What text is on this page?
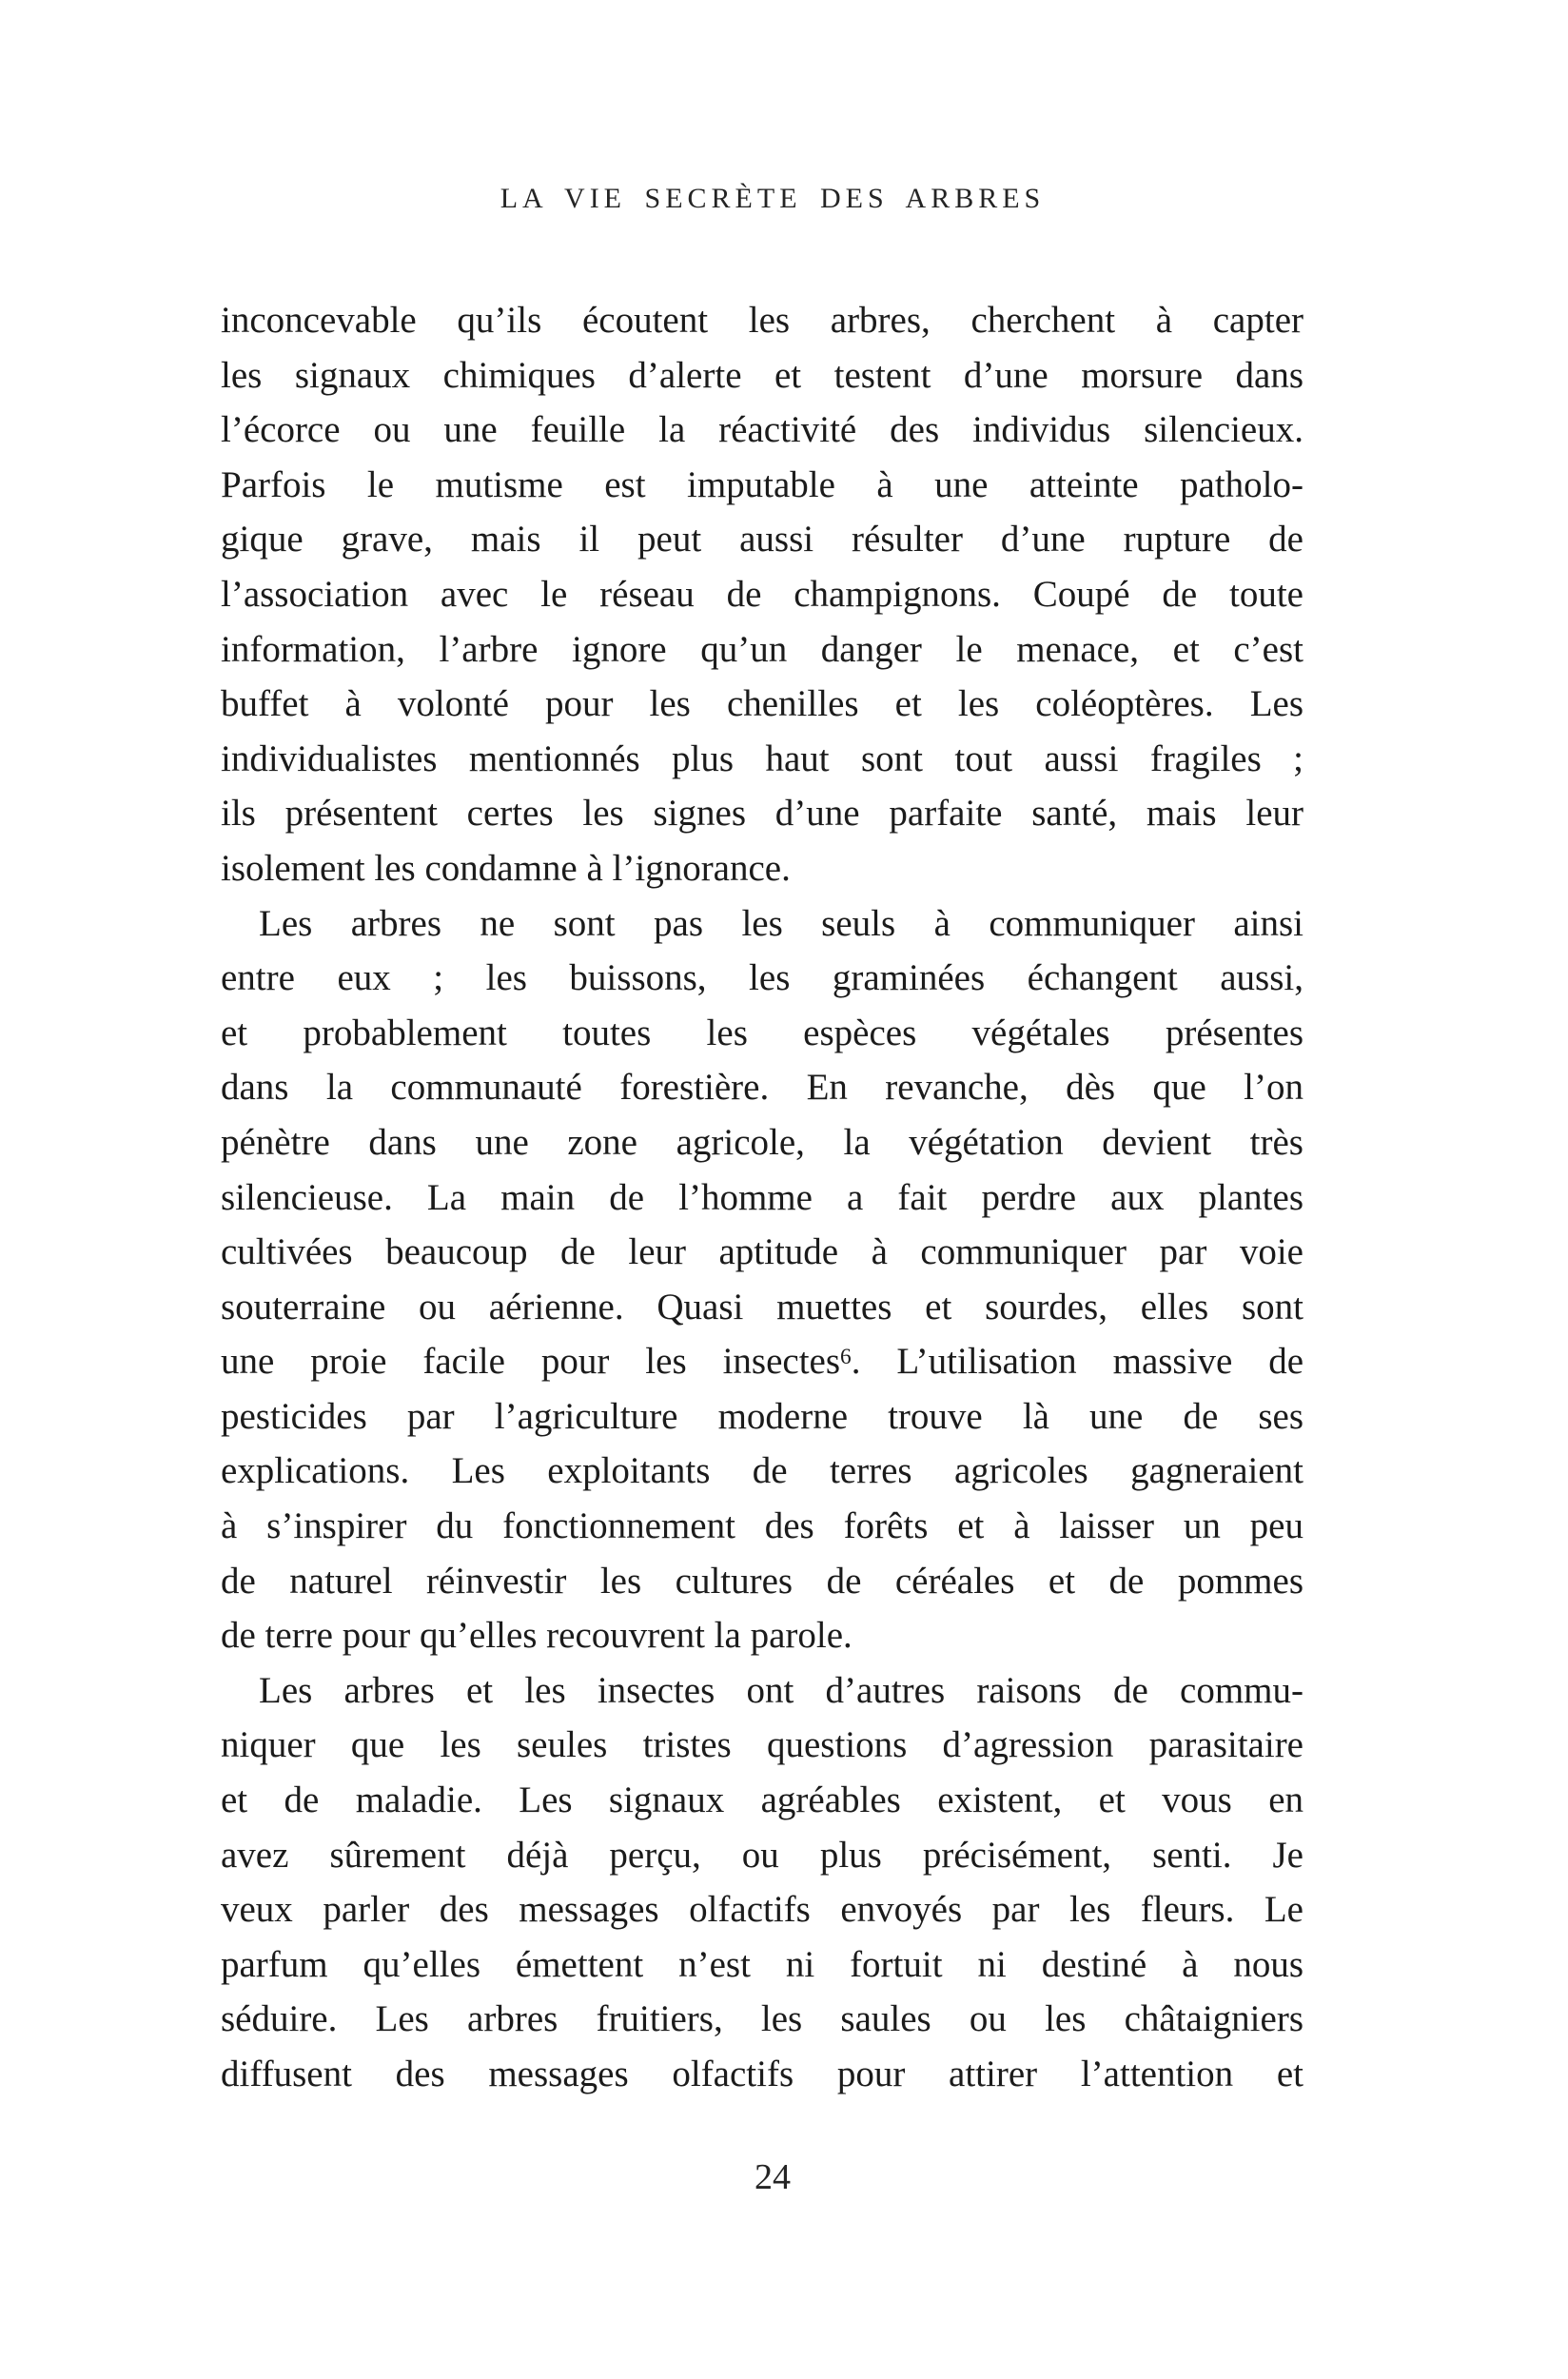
LA VIE SECRÈTE DES ARBRES
inconcevable qu’ils écoutent les arbres, cherchent à capter
les signaux chimiques d’alerte et testent d’une morsure dans
l’écorce ou une feuille la réactivité des individus silencieux.
Parfois le mutisme est imputable à une atteinte patholo-
gique grave, mais il peut aussi résulter d’une rupture de
l’association avec le réseau de champignons. Coupé de toute
information, l’arbre ignore qu’un danger le menace, et c’est
buffet à volonté pour les chenilles et les coléoptères. Les
individualistes mentionnés plus haut sont tout aussi fragiles ;
ils présentent certes les signes d’une parfaite santé, mais leur
isolement les condamne à l’ignorance.
Les arbres ne sont pas les seuls à communiquer ainsi
entre eux ; les buissons, les graminées échangent aussi,
et probablement toutes les espèces végétales présentes
dans la communauté forestière. En revanche, dès que l’on
pénètre dans une zone agricole, la végétation devient très
silencieuse. La main de l’homme a fait perdre aux plantes
cultivées beaucoup de leur aptitude à communiquer par voie
souterraine ou aérienne. Quasi muettes et sourdes, elles sont
une proie facile pour les insectes$^6$. L’utilisation massive de
pesticides par l’agriculture moderne trouve là une de ses
explications. Les exploitants de terres agricoles gagneraient
à s’inspirer du fonctionnement des forêts et à laisser un peu
de naturel réinvestir les cultures de céréales et de pommes
de terre pour qu’elles recouvrent la parole.
Les arbres et les insectes ont d’autres raisons de commu-
niquer que les seules tristes questions d’agression parasitaire
et de maladie. Les signaux agréables existent, et vous en
avez sûrement déjà perçu, ou plus précisément, senti. Je
veux parler des messages olfactifs envoyés par les fleurs. Le
parfum qu’elles émettent n’est ni fortuit ni destiné à nous
séduire. Les arbres fruitiers, les saules ou les châtaigniers
diffusent des messages olfactifs pour attirer l’attention et
24
